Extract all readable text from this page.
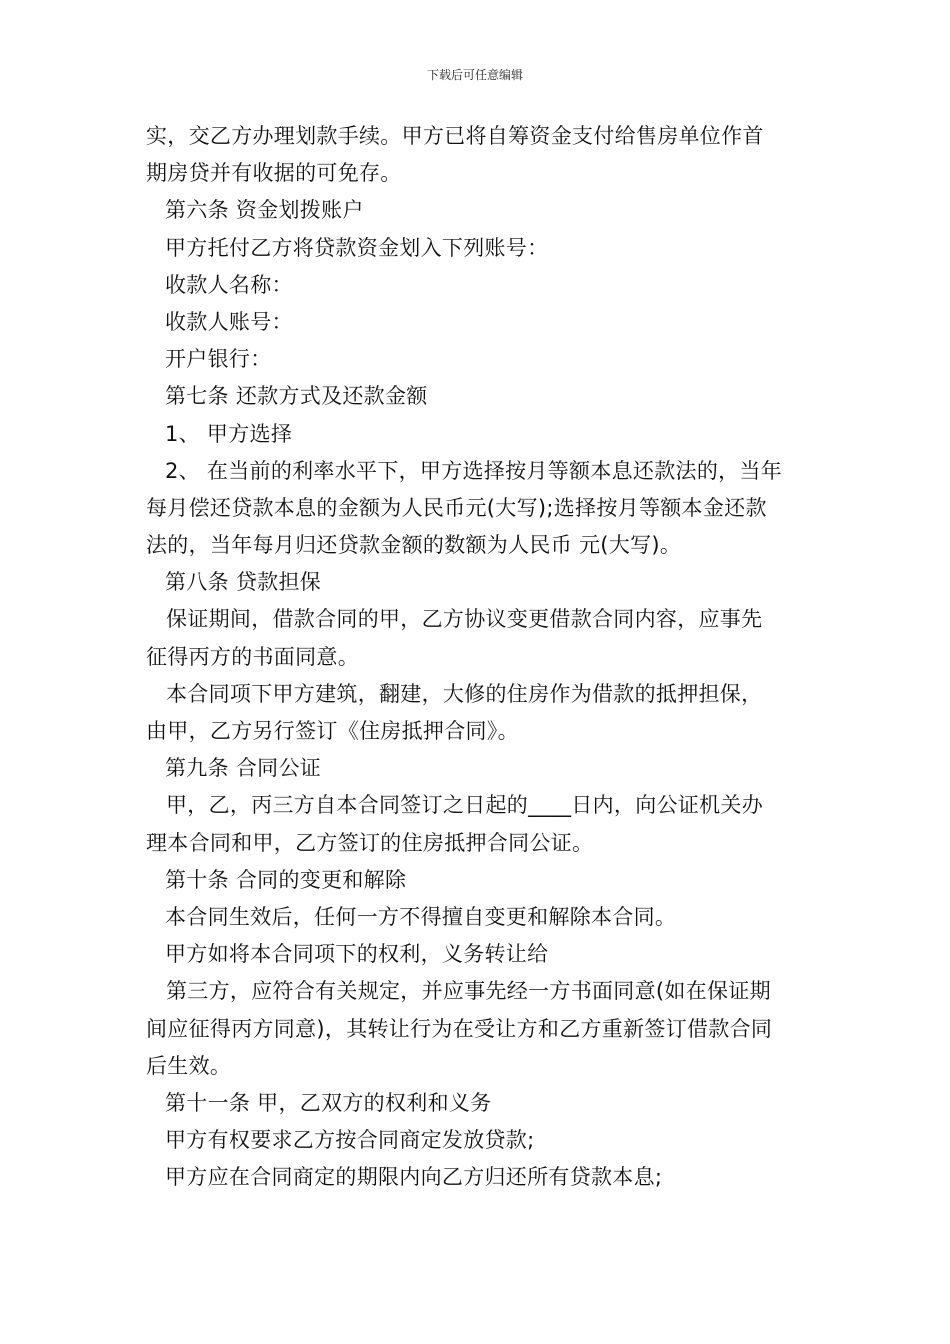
下载后可任意编辑
实，交乙方办理划款手续。甲方已将自筹资金支付给售房单位作首
期房贷并有收据的可免存。
第六条 资金划拨账户
甲方托付乙方将贷款资金划入下列账号：
收款人名称：
收款人账号：
开户银行：
第七条 还款方式及还款金额
1、 甲方选择
2、 在当前的利率水平下，甲方选择按月等额本息还款法的，当年
每月偿还贷款本息的金额为人民币元(大写);选择按月等额本金还款
法的，当年每月归还贷款金额的数额为人民币 元(大写)。
第八条 贷款担保
保证期间，借款合同的甲，乙方协议变更借款合同内容，应事先
征得丙方的书面同意。
本合同项下甲方建筑，翻建，大修的住房作为借款的抵押担保，
由甲，乙方另行签订《住房抵押合同》。
第九条 合同公证
甲，乙，丙三方自本合同签订之日起的____日内，向公证机关办
理本合同和甲，乙方签订的住房抵押合同公证。
第十条 合同的变更和解除
本合同生效后，任何一方不得擅自变更和解除本合同。
甲方如将本合同项下的权利，义务转让给
第三方，应符合有关规定，并应事先经一方书面同意(如在保证期
间应征得丙方同意)，其转让行为在受让方和乙方重新签订借款合同
后生效。
第十一条 甲，乙双方的权利和义务
甲方有权要求乙方按合同商定发放贷款;
甲方应在合同商定的期限内向乙方归还所有贷款本息;
